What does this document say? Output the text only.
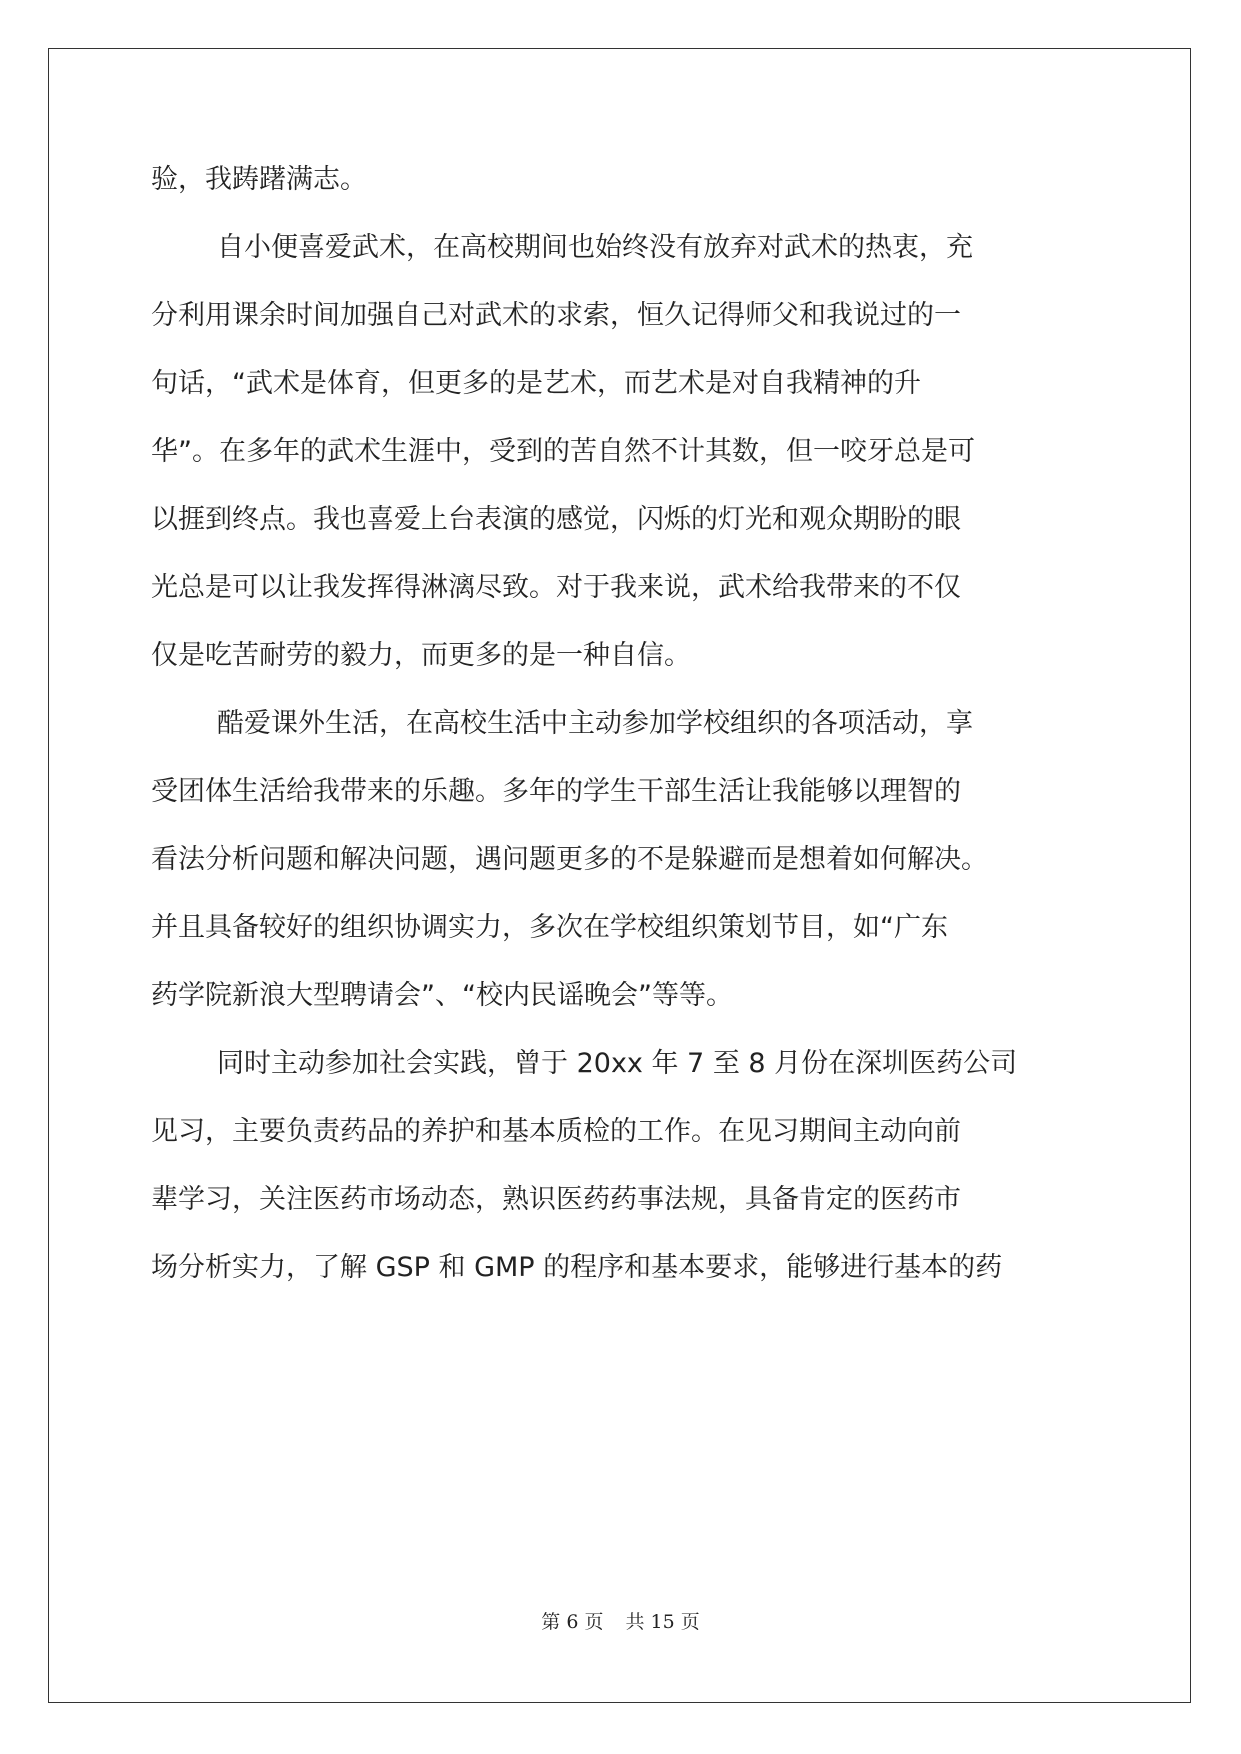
验，我踌躇满志。
自小便喜爱武术，在高校期间也始终没有放弃对武术的热衷，充
分利用课余时间加强自己对武术的求索，恒久记得师父和我说过的一
句话，“武术是体育，但更多的是艺术，而艺术是对自我精神的升
华”。在多年的武术生涯中，受到的苦自然不计其数，但一咬牙总是可
以捱到终点。我也喜爱上台表演的感觉，闪烁的灯光和观众期盼的眼
光总是可以让我发挥得淋漓尽致。对于我来说，武术给我带来的不仅
仅是吃苦耐劳的毅力，而更多的是一种自信。
酷爱课外生活，在高校生活中主动参加学校组织的各项活动，享
受团体生活给我带来的乐趣。多年的学生干部生活让我能够以理智的
看法分析问题和解决问题，遇问题更多的不是躲避而是想着如何解决。
并且具备较好的组织协调实力，多次在学校组织策划节目，如“广东
药学院新浪大型聘请会”、“校内民谣晚会”等等。
同时主动参加社会实践，曾于 20xx 年 7 至 8 月份在深圳医药公司
见习，主要负责药品的养护和基本质检的工作。在见习期间主动向前
辈学习，关注医药市场动态，熟识医药药事法规，具备肯定的医药市
场分析实力，了解 GSP 和 GMP 的程序和基本要求，能够进行基本的药
第 6 页 共 15 页
